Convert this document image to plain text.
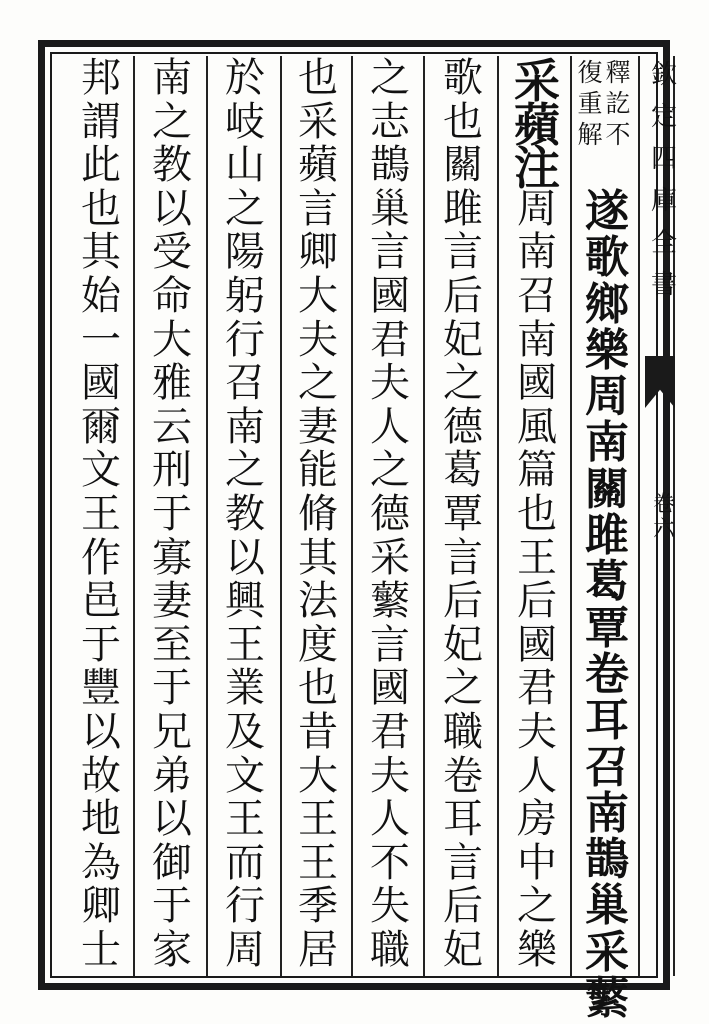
欽
定
四
庫
全
書
卷
六
復
重
解
釋
訖
不
遂
歌
鄉
樂
周
南
關
雎
葛
覃
卷
耳
召
南
鵲
巢
采
蘩
采
蘋
注
周
南
召
南
國
風
篇
也
王
后
國
君
夫
人
房
中
之
樂
歌
也
關
雎
言
后
妃
之
德
葛
覃
言
后
妃
之
職
卷
耳
言
后
妃
之
志
鵲
巢
言
國
君
夫
人
之
德
采
蘩
言
國
君
夫
人
不
失
職
也
采
蘋
言
卿
大
夫
之
妻
能
脩
其
法
度
也
昔
大
王
王
季
居
於
岐
山
之
陽
躬
行
召
南
之
教
以
興
王
業
及
文
王
而
行
周
南
之
教
以
受
命
大
雅
云
刑
于
寡
妻
至
于
兄
弟
以
御
于
家
邦
謂
此
也
其
始
一
國
爾
文
王
作
邑
于
豐
以
故
地
為
卿
士
